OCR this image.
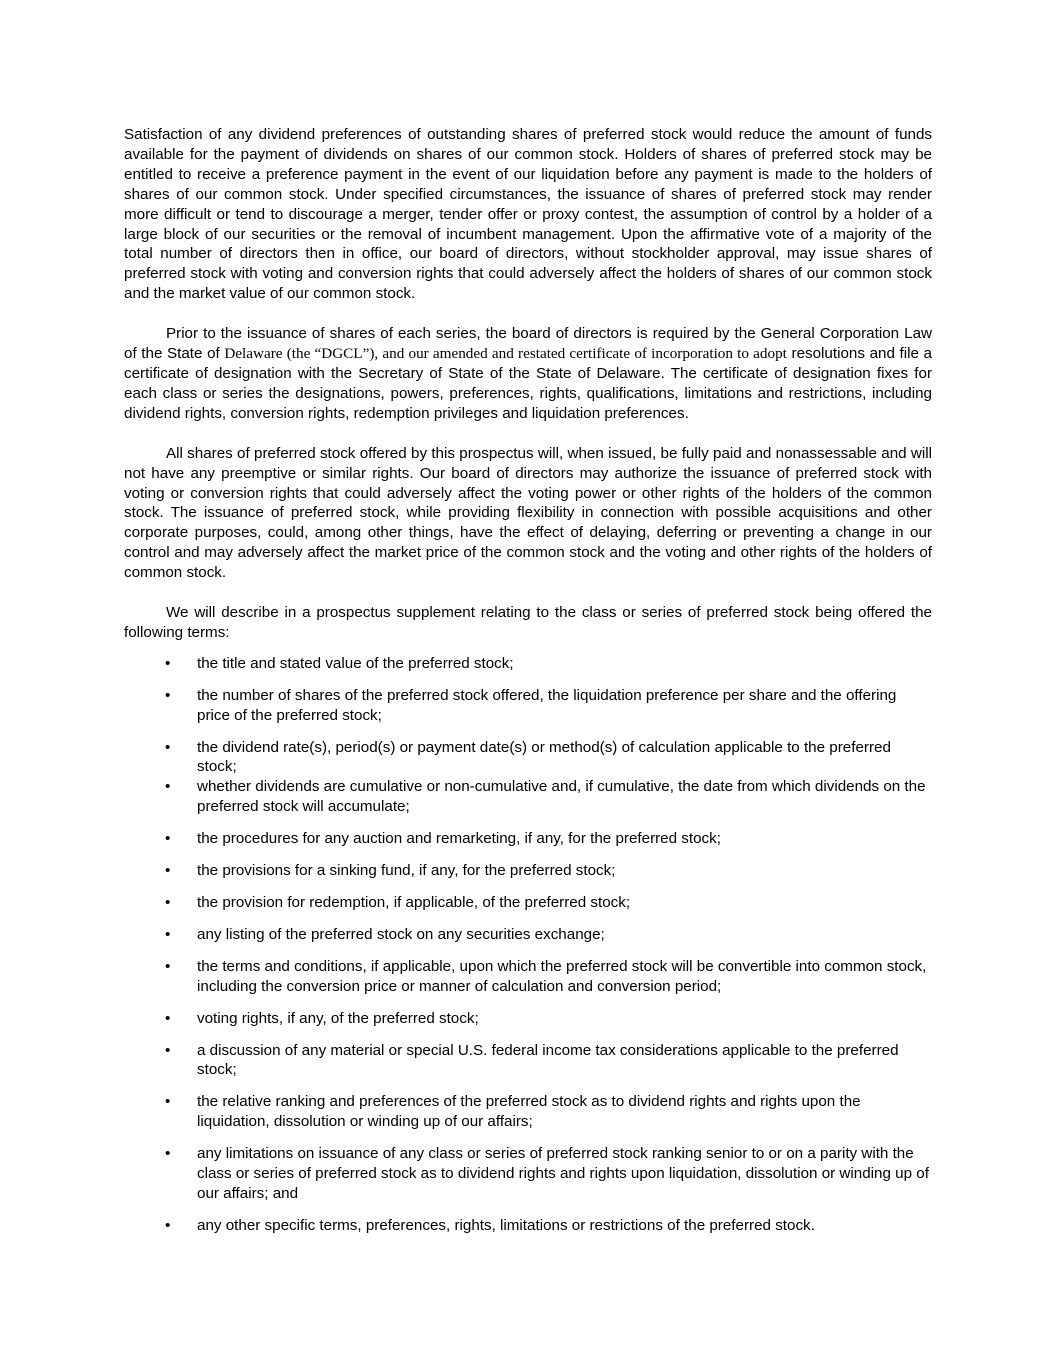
Satisfaction of any dividend preferences of outstanding shares of preferred stock would reduce the amount of funds available for the payment of dividends on shares of our common stock. Holders of shares of preferred stock may be entitled to receive a preference payment in the event of our liquidation before any payment is made to the holders of shares of our common stock. Under specified circumstances, the issuance of shares of preferred stock may render more difficult or tend to discourage a merger, tender offer or proxy contest, the assumption of control by a holder of a large block of our securities or the removal of incumbent management. Upon the affirmative vote of a majority of the total number of directors then in office, our board of directors, without stockholder approval, may issue shares of preferred stock with voting and conversion rights that could adversely affect the holders of shares of our common stock and the market value of our common stock.

Prior to the issuance of shares of each series, the board of directors is required by the General Corporation Law of the State of Delaware (the “DGCL”), and our amended and restated certificate of incorporation to adopt resolutions and file a certificate of designation with the Secretary of State of the State of Delaware. The certificate of designation fixes for each class or series the designations, powers, preferences, rights, qualifications, limitations and restrictions, including dividend rights, conversion rights, redemption privileges and liquidation preferences.

All shares of preferred stock offered by this prospectus will, when issued, be fully paid and nonassessable and will not have any preemptive or similar rights. Our board of directors may authorize the issuance of preferred stock with voting or conversion rights that could adversely affect the voting power or other rights of the holders of the common stock. The issuance of preferred stock, while providing flexibility in connection with possible acquisitions and other corporate purposes, could, among other things, have the effect of delaying, deferring or preventing a change in our control and may adversely affect the market price of the common stock and the voting and other rights of the holders of common stock.

We will describe in a prospectus supplement relating to the class or series of preferred stock being offered the following terms:

•	the title and stated value of the preferred stock;
•	the number of shares of the preferred stock offered, the liquidation preference per share and the offering price of the preferred stock;
•	the dividend rate(s), period(s) or payment date(s) or method(s) of calculation applicable to the preferred stock;
•	whether dividends are cumulative or non-cumulative and, if cumulative, the date from which dividends on the preferred stock will accumulate;
•	the procedures for any auction and remarketing, if any, for the preferred stock;
•	the provisions for a sinking fund, if any, for the preferred stock;
•	the provision for redemption, if applicable, of the preferred stock;
•	any listing of the preferred stock on any securities exchange;
•	the terms and conditions, if applicable, upon which the preferred stock will be convertible into common stock, including the conversion price or manner of calculation and conversion period;
•	voting rights, if any, of the preferred stock;
•	a discussion of any material or special U.S. federal income tax considerations applicable to the preferred stock;
•	the relative ranking and preferences of the preferred stock as to dividend rights and rights upon the liquidation, dissolution or winding up of our affairs;
•	any limitations on issuance of any class or series of preferred stock ranking senior to or on a parity with the class or series of preferred stock as to dividend rights and rights upon liquidation, dissolution or winding up of our affairs; and
•	any other specific terms, preferences, rights, limitations or restrictions of the preferred stock.
